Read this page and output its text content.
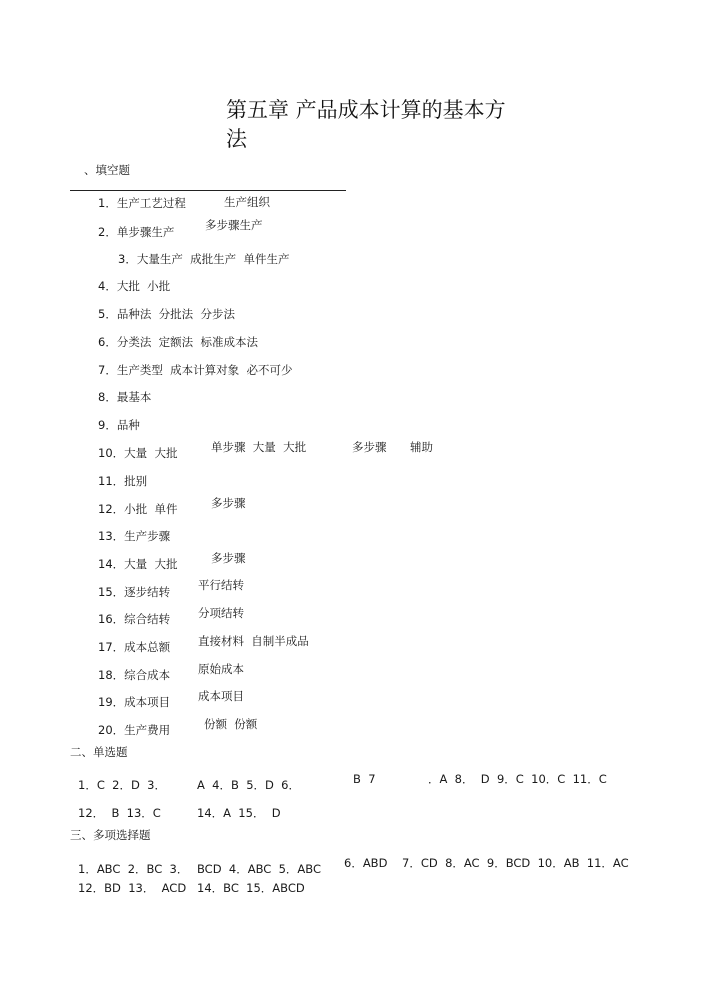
第五章 产品成本计算的基本方
法
、填空题
1．生产工艺过程	生产组织
2．单步骤生产	多步骤生产
3．大量生产  成批生产  单件生产
4．大批  小批
5．品种法  分批法  分步法
6．分类法  定额法  标准成本法
7．生产类型  成本计算对象  必不可少
8．最基本
9．品种
10．大量  大批	单步骤  大量  大批	多步骤 辅助
11．批别
12．小批  单件	多步骤
13．生产步骤
14．大量  大批	多步骤
15．逐步结转 平行结转
16．综合结转 分项结转
17．成本总额 直接材料  自制半成品
18．综合成本 原始成本
19．成本项目 成本项目
20．生产费用	份额  份额
二、单选题
1．C  2．D  3．	A  4．B  5．D  6．	B  7	．A  8．  D  9．C  10．C  11．C
12．  B  13．C	14．A  15．  D
三、多项选择题
1．ABC  2．BC  3． BCD  4．ABC  5．ABC 6．ABD    7．CD  8．AC  9．BCD  10．AB  11．AC
12．BD  13．  ACD 14．BC  15．ABCD
